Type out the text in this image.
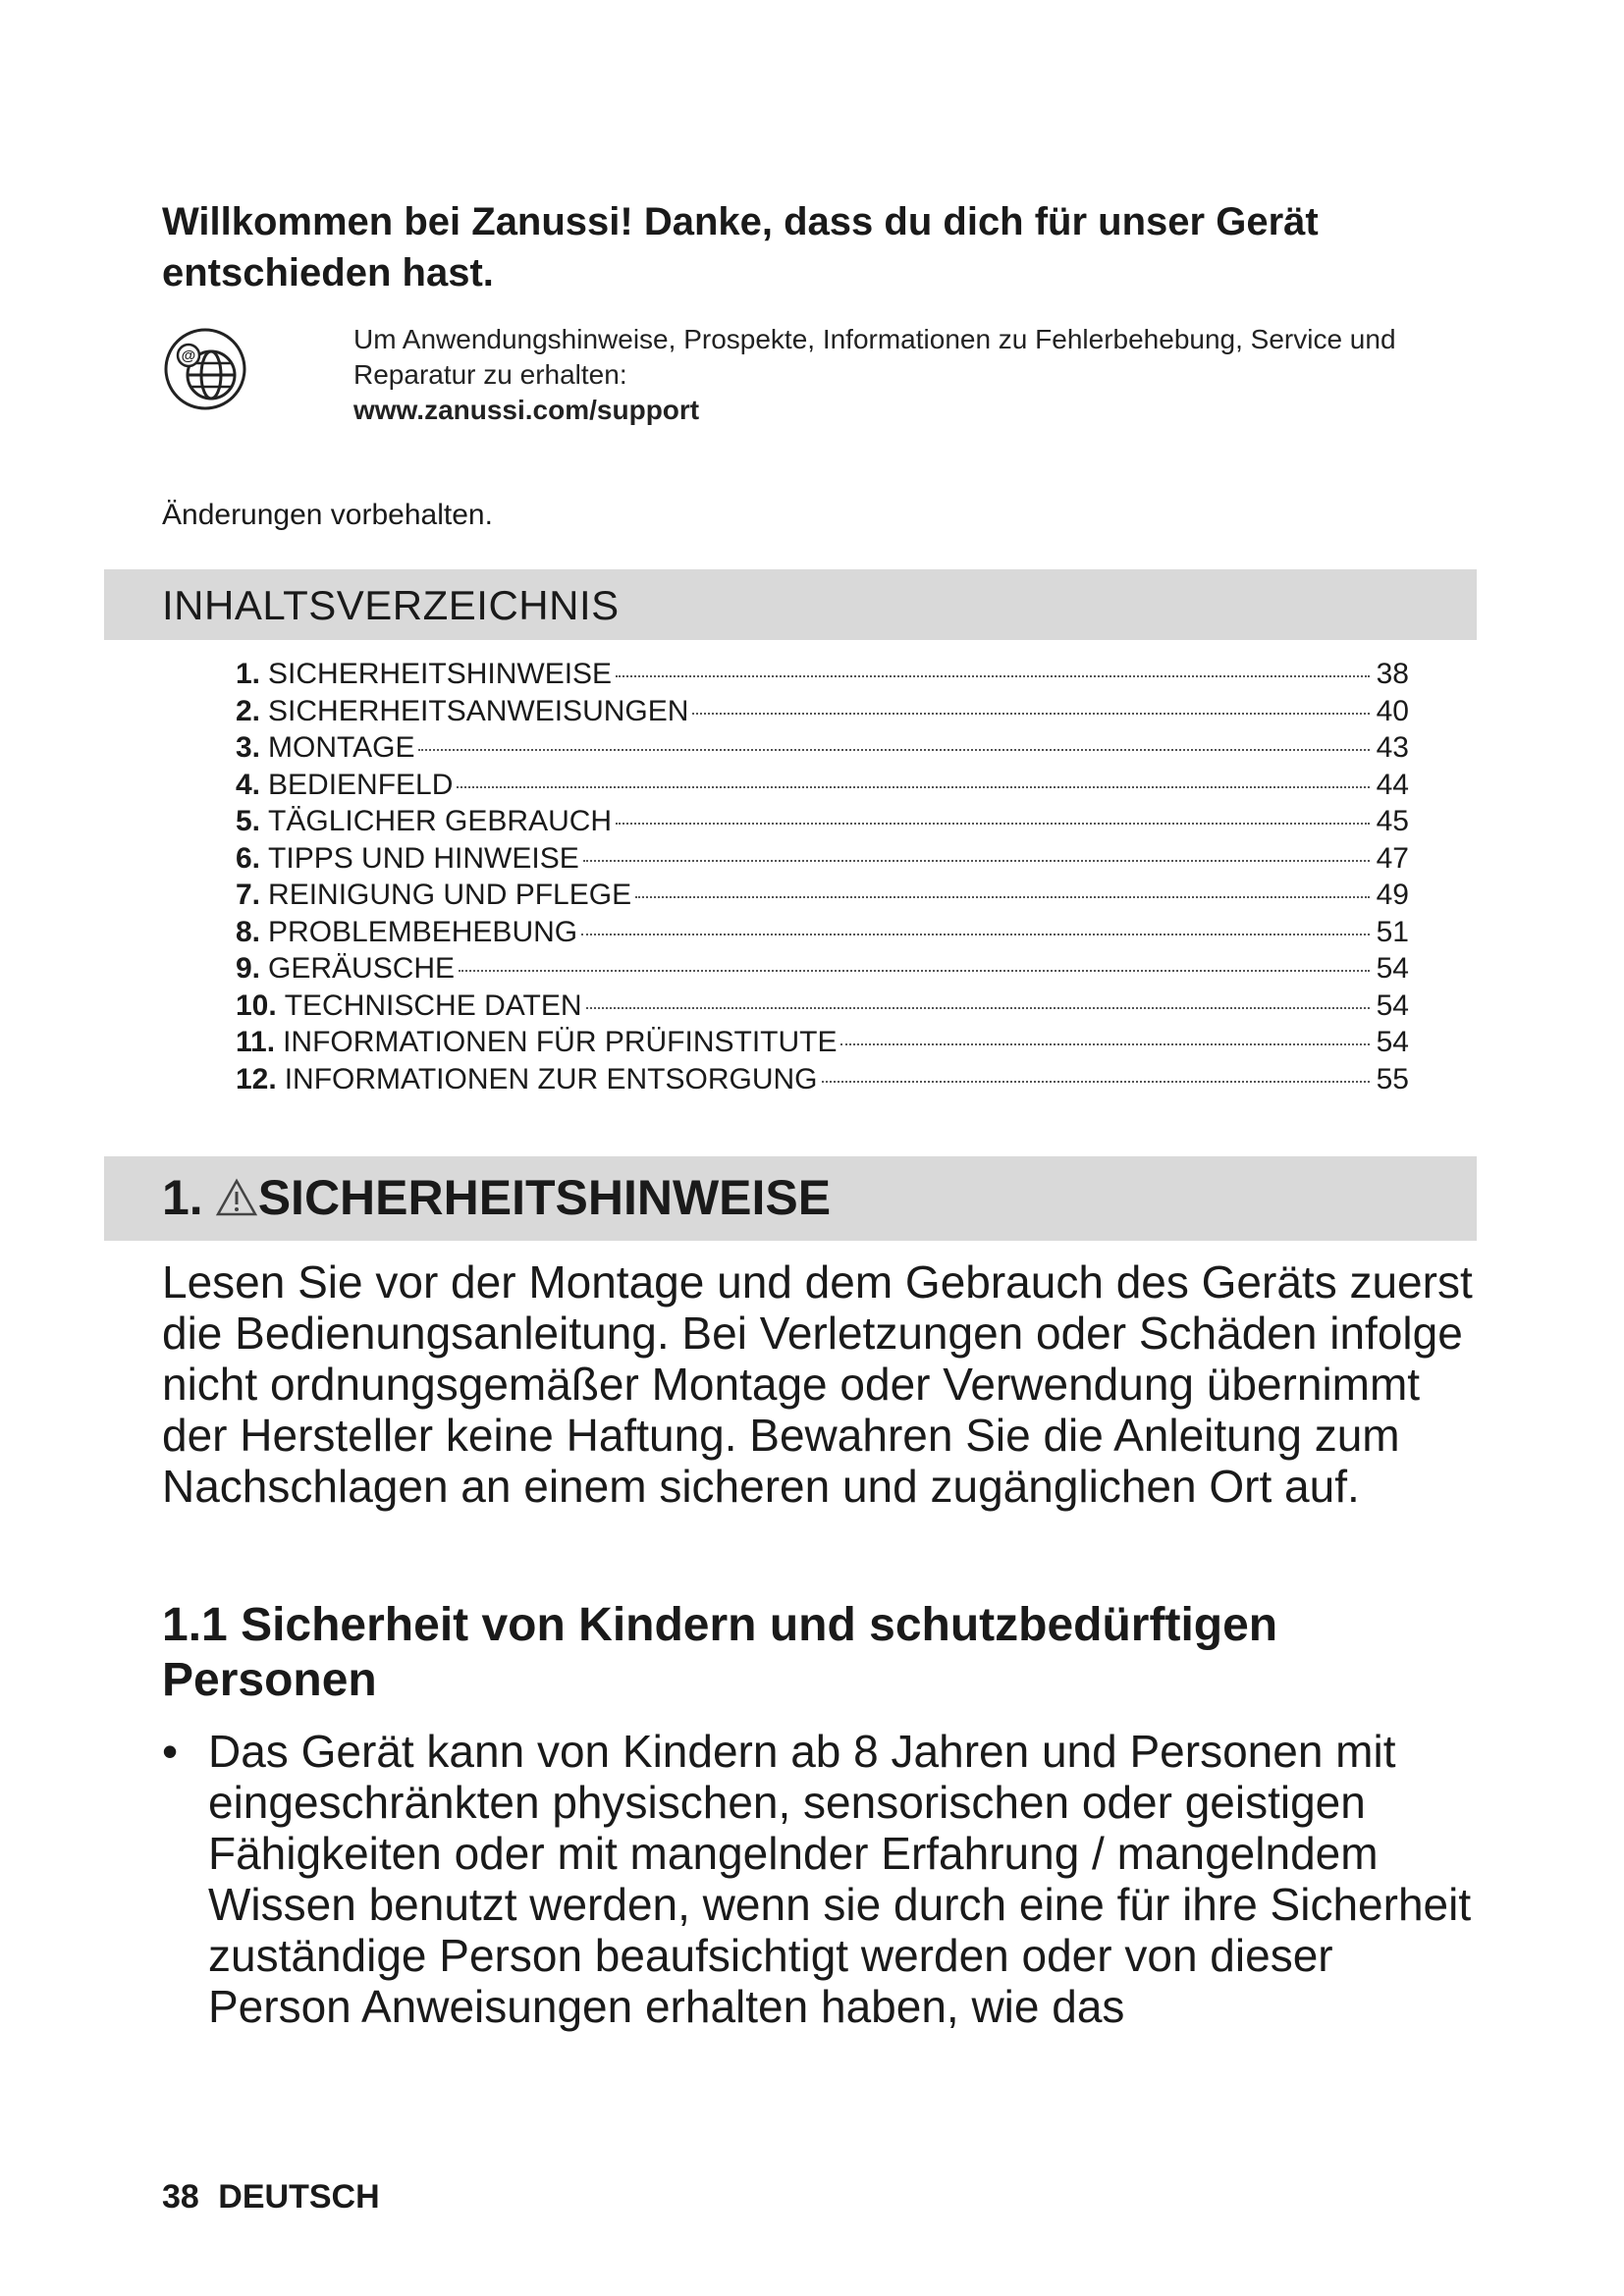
Willkommen bei Zanussi! Danke, dass du dich für unser Gerät entschieden hast.
@
Um Anwendungshinweise, Prospekte, Informationen zu Fehlerbehebung, Service und Reparatur zu erhalten:
www.zanussi.com/support
Änderungen vorbehalten.
INHALTSVERZEICHNIS
1. SICHERHEITSHINWEISE	38
2. SICHERHEITSANWEISUNGEN	40
3. MONTAGE	43
4. BEDIENFELD	44
5. TÄGLICHER GEBRAUCH	45
6. TIPPS UND HINWEISE	47
7. REINIGUNG UND PFLEGE	49
8. PROBLEMBEHEBUNG	51
9. GERÄUSCHE	54
10. TECHNISCHE DATEN	54
11. INFORMATIONEN FÜR PRÜFINSTITUTE	54
12. INFORMATIONEN ZUR ENTSORGUNG	55
1. SICHERHEITSHINWEISE

Lesen Sie vor der Montage und dem Gebrauch des Geräts zuerst die Bedienungsanleitung. Bei Verletzungen oder Schäden infolge nicht ordnungsgemäßer Montage oder Verwendung übernimmt der Hersteller keine Haftung. Bewahren Sie die Anleitung zum Nachschlagen an einem sicheren und zugänglichen Ort auf.

1.1 Sicherheit von Kindern und schutzbedürftigen Personen
• Das Gerät kann von Kindern ab 8 Jahren und Personen mit eingeschränkten physischen, sensorischen oder geistigen Fähigkeiten oder mit mangelnder Erfahrung / mangelndem Wissen benutzt werden, wenn sie durch eine für ihre Sicherheit zuständige Person beaufsichtigt werden oder von dieser Person Anweisungen erhalten haben, wie das
38 DEUTSCH
